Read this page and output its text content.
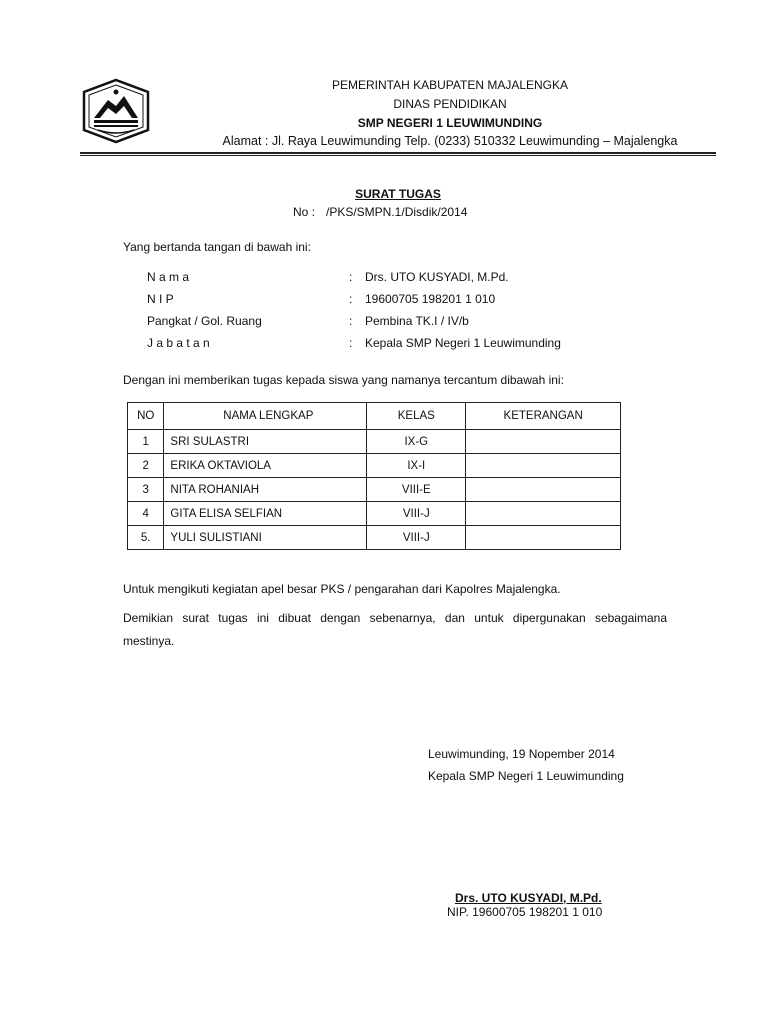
PEMERINTAH KABUPATEN MAJALENGKA
DINAS PENDIDIKAN
SMP NEGERI 1 LEUWIMUNDING
Alamat : Jl. Raya Leuwimunding Telp. (0233) 510332 Leuwimunding – Majalengka
SURAT TUGAS
No : /PKS/SMPN.1/Disdik/2014
Yang bertanda tangan di bawah ini:
N a m a	: Drs. UTO KUSYADI, M.Pd.
N I P	: 19600705 198201 1 010
Pangkat / Gol. Ruang	: Pembina TK.I / IV/b
J a b a t a n	: Kepala SMP Negeri 1 Leuwimunding
Dengan ini memberikan tugas kepada siswa yang namanya tercantum dibawah ini:
NO	NAMA LENGKAP	KELAS	KETERANGAN
1	SRI SULASTRI	IX-G	
2	ERIKA OKTAVIOLA	IX-I	
3	NITA ROHANIAH	VIII-E	
4	GITA ELISA SELFIAN	VIII-J	
5.	YULI SULISTIANI	VIII-J	
Untuk mengikuti kegiatan apel besar PKS / pengarahan dari Kapolres Majalengka.
Demikian surat tugas ini dibuat dengan sebenarnya, dan untuk dipergunakan sebagaimana
mestinya.
Leuwimunding, 19 Nopember 2014
Kepala SMP Negeri 1 Leuwimunding
Drs. UTO KUSYADI, M.Pd.
NIP. 19600705 198201 1 010
